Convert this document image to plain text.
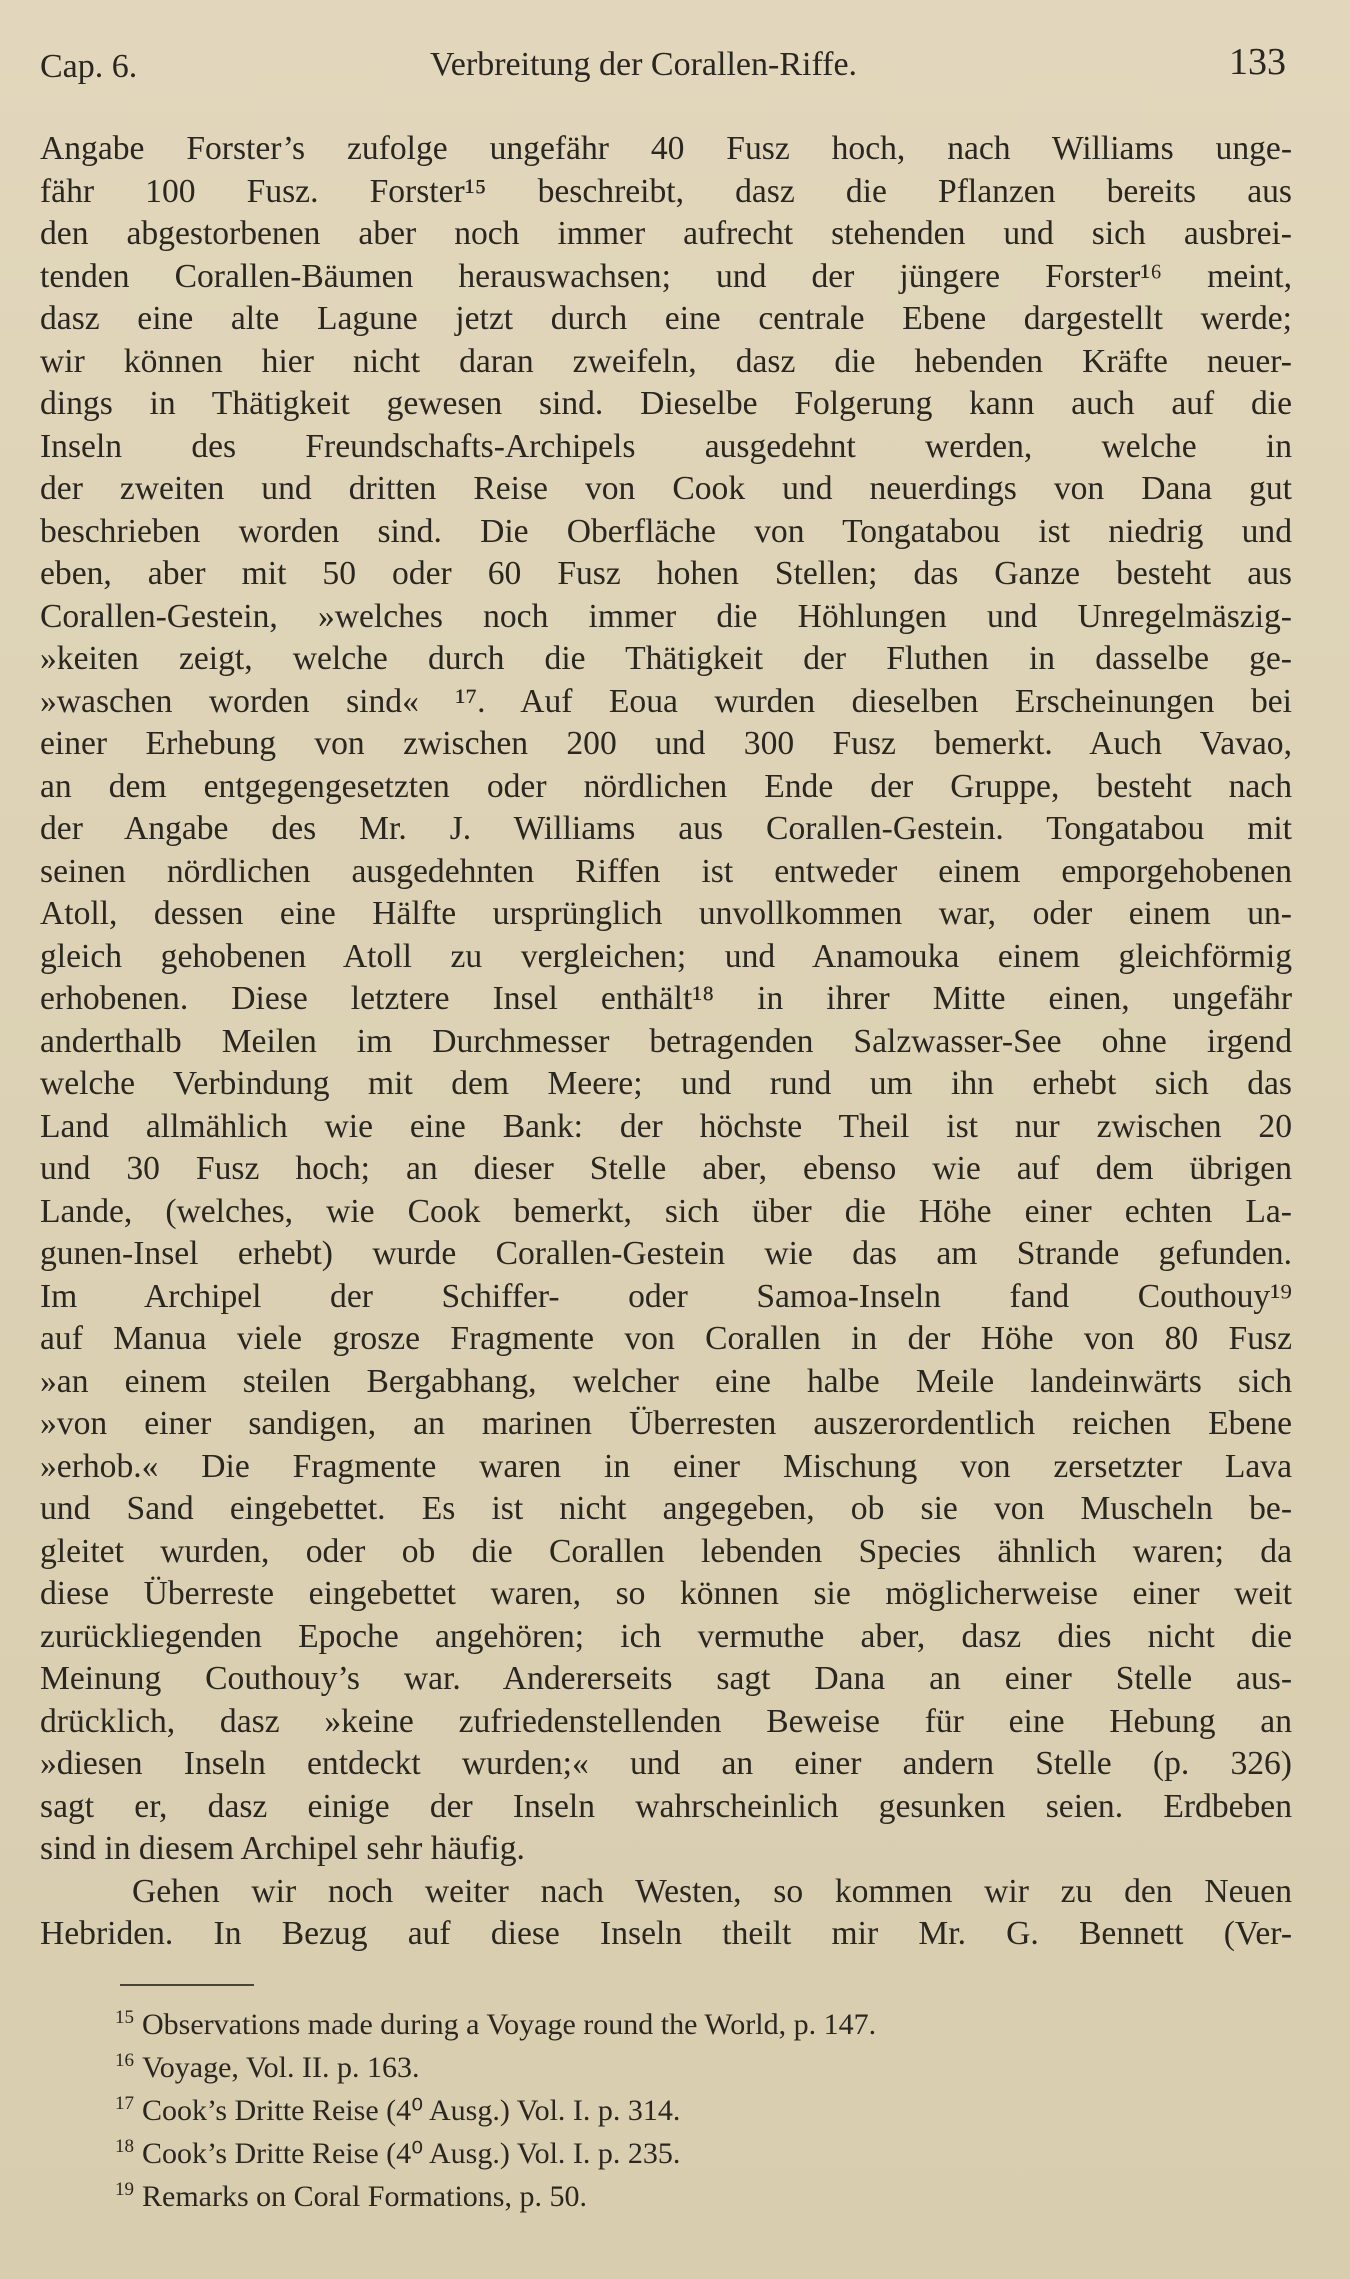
Cap. 6.	Verbreitung der Corallen-Riffe.	133
Angabe Forster’s zufolge ungefähr 40 Fusz hoch, nach Williams unge-
fähr 100 Fusz. Forster¹⁵ beschreibt, dasz die Pflanzen bereits aus
den abgestorbenen aber noch immer aufrecht stehenden und sich ausbrei-
tenden Corallen-Bäumen herauswachsen; und der jüngere Forster¹⁶ meint,
dasz eine alte Lagune jetzt durch eine centrale Ebene dargestellt werde;
wir können hier nicht daran zweifeln, dasz die hebenden Kräfte neuer-
dings in Thätigkeit gewesen sind. Dieselbe Folgerung kann auch auf die
Inseln des Freundschafts-Archipels ausgedehnt werden, welche in
der zweiten und dritten Reise von Cook und neuerdings von Dana gut
beschrieben worden sind. Die Oberfläche von Tongatabou ist niedrig und
eben, aber mit 50 oder 60 Fusz hohen Stellen; das Ganze besteht aus
Corallen-Gestein, »welches noch immer die Höhlungen und Unregelmäszig-
»keiten zeigt, welche durch die Thätigkeit der Fluthen in dasselbe ge-
»waschen worden sind« ¹⁷. Auf Eoua wurden dieselben Erscheinungen bei
einer Erhebung von zwischen 200 und 300 Fusz bemerkt. Auch Vavao,
an dem entgegengesetzten oder nördlichen Ende der Gruppe, besteht nach
der Angabe des Mr. J. Williams aus Corallen-Gestein. Tongatabou mit
seinen nördlichen ausgedehnten Riffen ist entweder einem emporgehobenen
Atoll, dessen eine Hälfte ursprünglich unvollkommen war, oder einem un-
gleich gehobenen Atoll zu vergleichen; und Anamouka einem gleichförmig
erhobenen. Diese letztere Insel enthält¹⁸ in ihrer Mitte einen, ungefähr
anderthalb Meilen im Durchmesser betragenden Salzwasser-See ohne irgend
welche Verbindung mit dem Meere; und rund um ihn erhebt sich das
Land allmählich wie eine Bank: der höchste Theil ist nur zwischen 20
und 30 Fusz hoch; an dieser Stelle aber, ebenso wie auf dem übrigen
Lande, (welches, wie Cook bemerkt, sich über die Höhe einer echten La-
gunen-Insel erhebt) wurde Corallen-Gestein wie das am Strande gefunden.
Im Archipel der Schiffer- oder Samoa-Inseln fand Couthouy¹⁹
auf Manua viele grosze Fragmente von Corallen in der Höhe von 80 Fusz
»an einem steilen Bergabhang, welcher eine halbe Meile landeinwärts sich
»von einer sandigen, an marinen Überresten auszerordentlich reichen Ebene
»erhob.« Die Fragmente waren in einer Mischung von zersetzter Lava
und Sand eingebettet. Es ist nicht angegeben, ob sie von Muscheln be-
gleitet wurden, oder ob die Corallen lebenden Species ähnlich waren; da
diese Überreste eingebettet waren, so können sie möglicherweise einer weit
zurückliegenden Epoche angehören; ich vermuthe aber, dasz dies nicht die
Meinung Couthouy’s war. Andererseits sagt Dana an einer Stelle aus-
drücklich, dasz »keine zufriedenstellenden Beweise für eine Hebung an
»diesen Inseln entdeckt wurden;« und an einer andern Stelle (p. 326)
sagt er, dasz einige der Inseln wahrscheinlich gesunken seien. Erdbeben
sind in diesem Archipel sehr häufig.
Gehen wir noch weiter nach Westen, so kommen wir zu den Neuen
Hebriden. In Bezug auf diese Inseln theilt mir Mr. G. Bennett (Ver-
$^{15}$ Observations made during a Voyage round the World, p. 147.
$^{16}$ Voyage, Vol. II. p. 163.
$^{17}$ Cook’s Dritte Reise (4⁰ Ausg.) Vol. I. p. 314.
$^{18}$ Cook’s Dritte Reise (4⁰ Ausg.) Vol. I. p. 235.
$^{19}$ Remarks on Coral Formations, p. 50.
